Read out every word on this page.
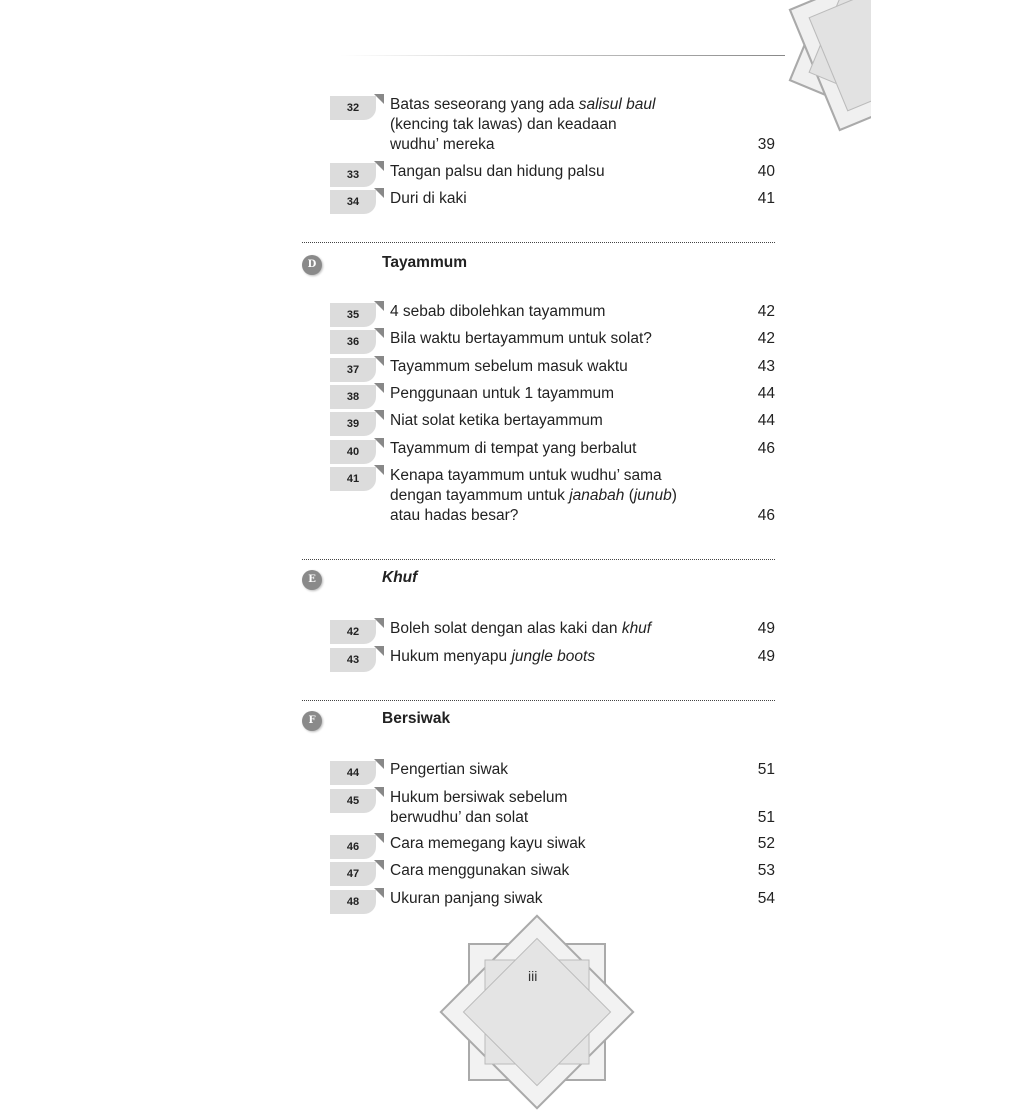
iii
32	Batas seseorang yang ada salisul baul
(kencing tak lawas) dan keadaan
wudhu’ mereka	39
33	Tangan palsu dan hidung palsu	40
34	Duri di kaki	41
D	Tayammum
35	4 sebab dibolehkan tayammum	42
36	Bila waktu bertayammum untuk solat?	42
37	Tayammum sebelum masuk waktu	43
38	Penggunaan untuk 1 tayammum	44
39	Niat solat ketika bertayammum	44
40	Tayammum di tempat yang berbalut	46
41	Kenapa tayammum untuk wudhu’ sama
dengan tayammum untuk janabah (junub)
atau hadas besar?	46
E	Khuf
42	Boleh solat dengan alas kaki dan khuf	49
43	Hukum menyapu jungle boots	49
F	Bersiwak
44	Pengertian siwak	51
45	Hukum bersiwak sebelum
berwudhu’ dan solat	51
46	Cara memegang kayu siwak	52
47	Cara menggunakan siwak	53
48	Ukuran panjang siwak	54
